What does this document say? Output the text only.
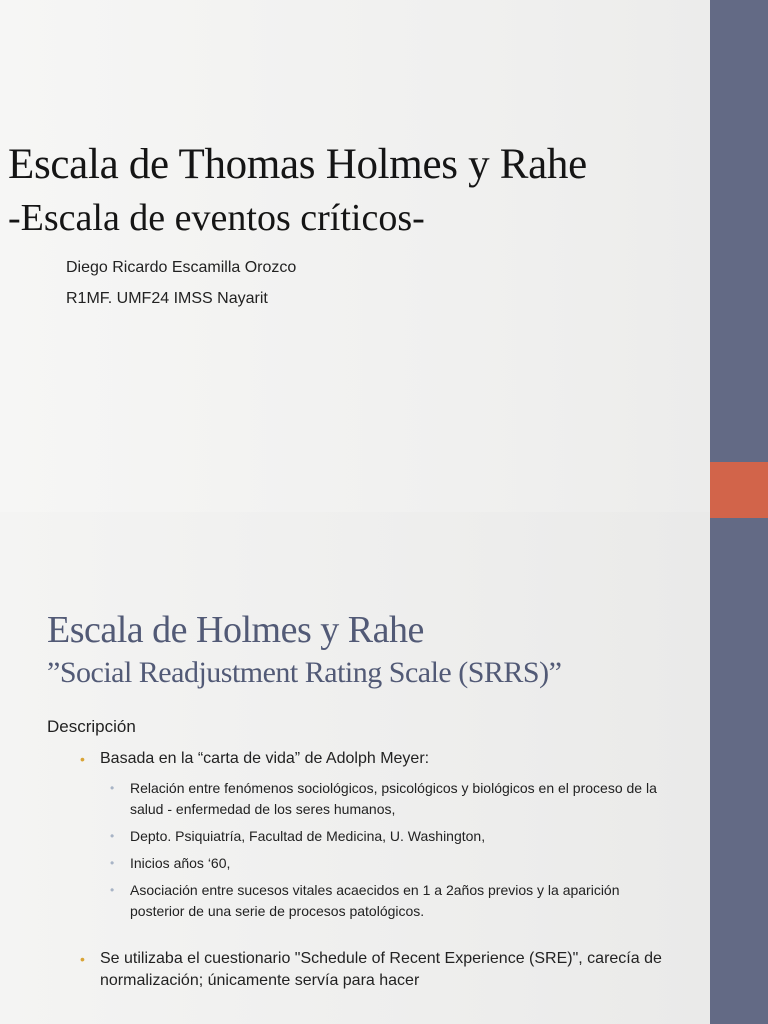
Escala de Thomas Holmes y Rahe
-Escala de eventos críticos-
Diego Ricardo Escamilla Orozco
R1MF. UMF24 IMSS Nayarit
Escala de Holmes y Rahe
”Social Readjustment Rating Scale (SRRS)”
Descripción
• Basada en la “carta de vida” de Adolph Meyer:
• Relación entre fenómenos sociológicos, psicológicos y biológicos en el proceso de la salud - enfermedad de los seres humanos,
• Depto. Psiquiatría, Facultad de Medicina, U. Washington,
• Inicios años ‘60,
• Asociación entre sucesos vitales acaecidos en 1 a 2años previos y la aparición posterior de una serie de procesos patológicos.
• Se utilizaba el cuestionario "Schedule of Recent Experience (SRE)", carecía de normalización; únicamente servía para hacer
